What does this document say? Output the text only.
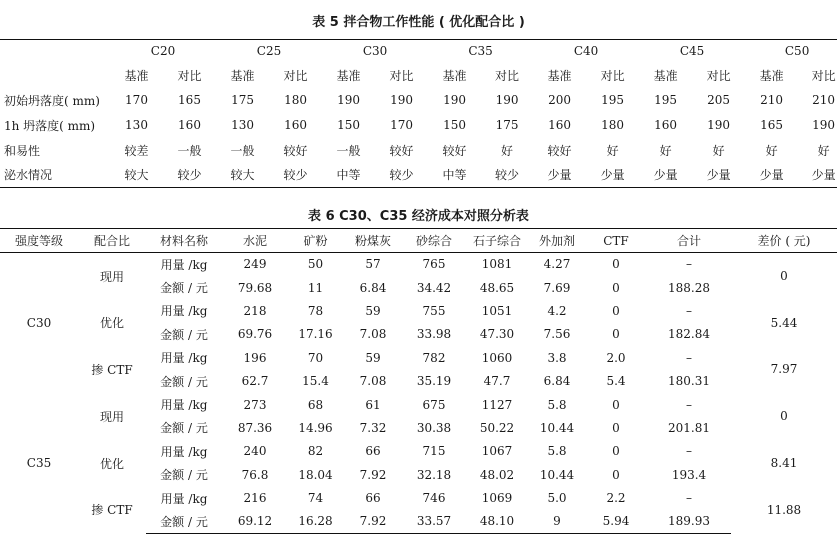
表 5 拌合物工作性能 ( 优化配合比 )
	C20		C25		C30		C35		C40		C45		C50	
	基准	对比	基准	对比	基准	对比	基准	对比	基准	对比	基准	对比	基准	对比
初始坍落度( mm)	170	165	175	180	190	190	190	190	200	195	195	205	210	210
1h 坍落度( mm)	130	160	130	160	150	170	150	175	160	180	160	190	165	190
和易性	较差	一般	一般	较好	一般	较好	较好	好	较好	好	好	好	好	好
泌水情况	较大	较少	较大	较少	中等	较少	中等	较少	少量	少量	少量	少量	少量	少量
表 6 C30、C35 经济成本对照分析表
强度等级	配合比	材料名称	水泥	矿粉	粉煤灰	砂综合	石子综合	外加剂	CTF	合计	差价 ( 元)
C30	现用	用量 /kg	249	50	57	765	1081	4.27	0	–	0
		金额 / 元	79.68	11	6.84	34.42	48.65	7.69	0	188.28	
	优化	用量 /kg	218	78	59	755	1051	4.2	0	–	5.44
		金额 / 元	69.76	17.16	7.08	33.98	47.30	7.56	0	182.84	
	掺 CTF	用量 /kg	196	70	59	782	1060	3.8	2.0	–	7.97
		金额 / 元	62.7	15.4	7.08	35.19	47.7	6.84	5.4	180.31	
C35	现用	用量 /kg	273	68	61	675	1127	5.8	0	–	0
		金额 / 元	87.36	14.96	7.32	30.38	50.22	10.44	0	201.81	
	优化	用量 /kg	240	82	66	715	1067	5.8	0	–	8.41
		金额 / 元	76.8	18.04	7.92	32.18	48.02	10.44	0	193.4	
	掺 CTF	用量 /kg	216	74	66	746	1069	5.0	2.2	–	11.88
		金额 / 元	69.12	16.28	7.92	33.57	48.10	9	5.94	189.93	
